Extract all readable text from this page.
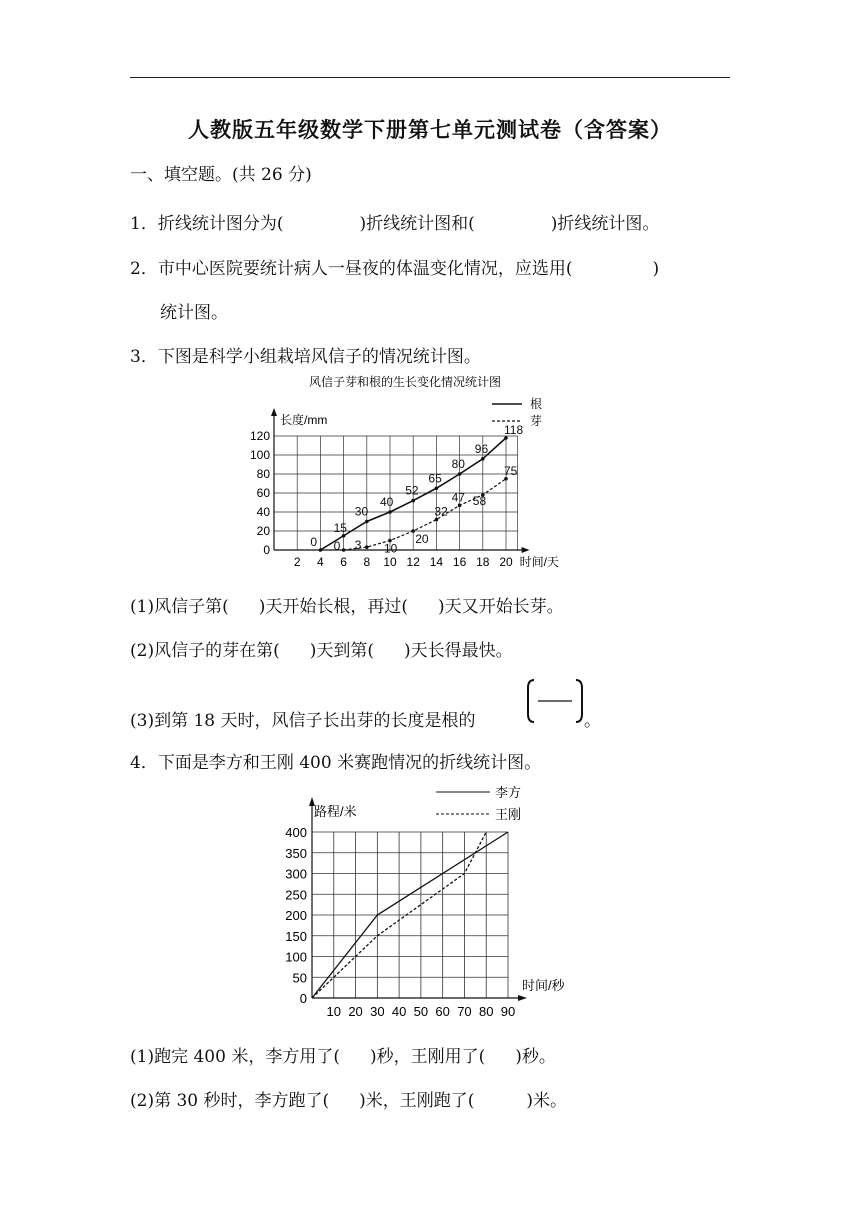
人教版五年级数学下册第七单元测试卷（含答案）
一、填空题。(共 26 分)
1．折线统计图分为(	)折线统计图和(	)折线统计图。
2．市中心医院要统计病人一昼夜的体温变化情况，应选用(	)
统计图。
3．下图是科学小组栽培风信子的情况统计图。
风信子芽和根的生长变化情况统计图
长度/mm
时间/天
0
20
40
60
80
100
120
2 4 6 8 10 12 14 16 18 20
根
芽
0
15
30
40
52
65
80
96
118
0 3 10
20
32
47 58
75
(1)风信子第( )天开始长根，再过( )天又开始长芽。
(2)风信子的芽在第( )天到第( )天长得最快。
(3)到第 18 天时，风信子长出芽的长度是根的	。
4．下面是李方和王刚 400 米赛跑情况的折线统计图。
路程/米
时间/秒
0
50
100
150
200
250
300
350
400
10 20 30 40 50 60 70 80 90
李方
王刚
(1)跑完 400 米，李方用了( )秒，王刚用了( )秒。
(2)第 30 秒时，李方跑了( )米，王刚跑了(	)米。
